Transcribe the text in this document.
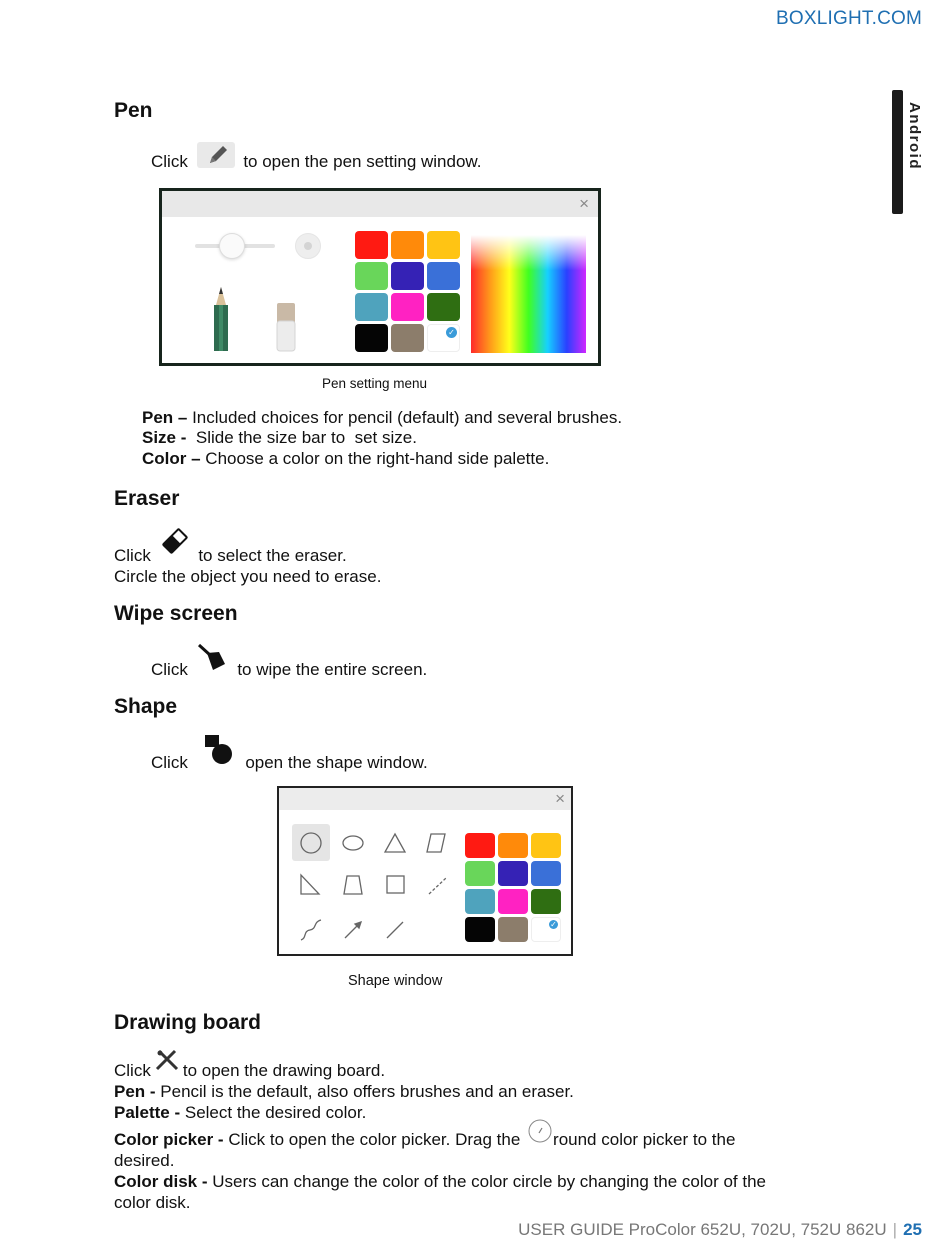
BOXLIGHT.COM
Android
Pen
Click	to open the pen setting window.
×
✓
Pen setting menu
Pen – Included choices for pencil (default) and several brushes.
Size -  Slide the size bar to  set size.
Color – Choose a color on the right-hand side palette.
Eraser
Click	to select the eraser.
Circle the object you need to erase.
Wipe screen
Click	to wipe the entire screen.
Shape
Click	open the shape window.
×
✓
Shape window
Drawing board
Click to open the drawing board.
Pen - Pencil is the default, also offers brushes and an eraser.
Palette - Select the desired color.
Color picker - Click to open the color picker. Drag the round color picker to the
desired.
Color disk - Users can change the color of the color circle by changing the color of the
color disk.
USER GUIDE ProColor 652U, 702U, 752U 862U | 25
